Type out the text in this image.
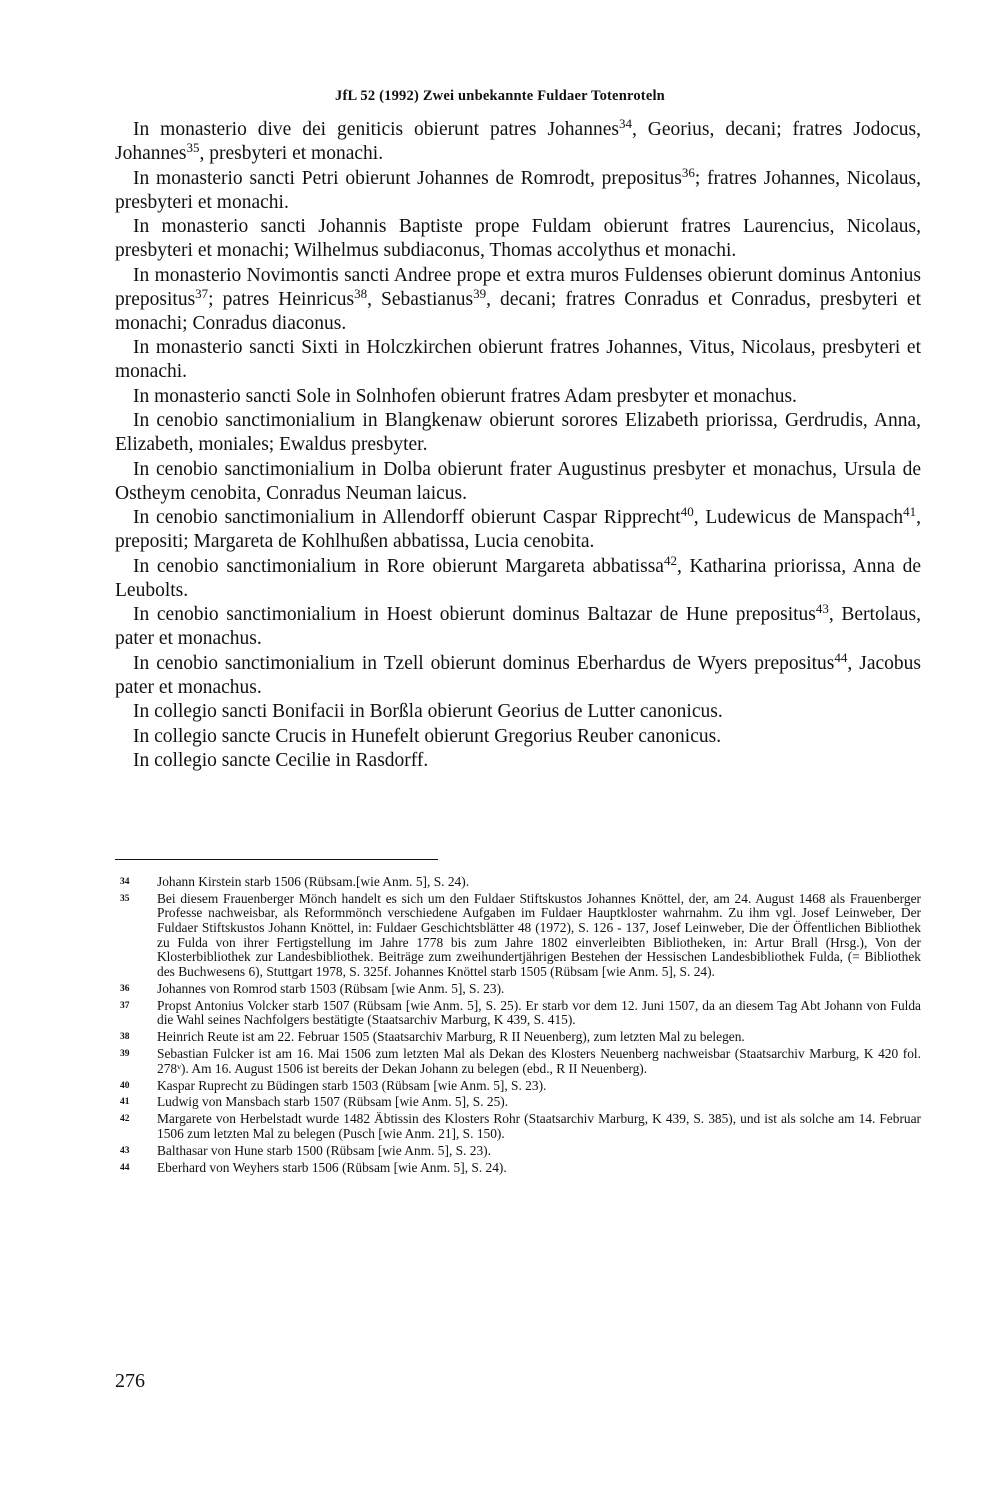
JfL 52 (1992) Zwei unbekannte Fuldaer Totenroteln

In monasterio dive dei geniticis obierunt patres Johannes$^{34}$, Georius, decani; fratres Jodocus, Johannes$^{35}$, presbyteri et monachi.

In monasterio sancti Petri obierunt Johannes de Romrodt, prepositus$^{36}$; fratres Johannes, Nicolaus, presbyteri et monachi.

In monasterio sancti Johannis Baptiste prope Fuldam obierunt fratres Laurencius, Nicolaus, presbyteri et monachi; Wilhelmus subdiaconus, Thomas accolythus et monachi.

In monasterio Novimontis sancti Andree prope et extra muros Fuldenses obierunt dominus Antonius prepositus$^{37}$; patres Heinricus$^{38}$, Sebastianus$^{39}$, decani; fratres Conradus et Conradus, presbyteri et monachi; Conradus diaconus.

In monasterio sancti Sixti in Holczkirchen obierunt fratres Johannes, Vitus, Nicolaus, presbyteri et monachi.

In monasterio sancti Sole in Solnhofen obierunt fratres Adam presbyter et monachus.

In cenobio sanctimonialium in Blangkenaw obierunt sorores Elizabeth priorissa, Gerdrudis, Anna, Elizabeth, moniales; Ewaldus presbyter.

In cenobio sanctimonialium in Dolba obierunt frater Augustinus presbyter et monachus, Ursula de Ostheym cenobita, Conradus Neuman laicus.

In cenobio sanctimonialium in Allendorff obierunt Caspar Ripprecht$^{40}$, Ludewicus de Manspach$^{41}$, prepositi; Margareta de Kohlhußen abbatissa, Lucia cenobita.

In cenobio sanctimonialium in Rore obierunt Margareta abbatissa$^{42}$, Katharina priorissa, Anna de Leubolts.

In cenobio sanctimonialium in Hoest obierunt dominus Baltazar de Hune prepositus$^{43}$, Bertolaus, pater et monachus.

In cenobio sanctimonialium in Tzell obierunt dominus Eberhardus de Wyers prepositus$^{44}$, Jacobus pater et monachus.

In collegio sancti Bonifacii in Borßla obierunt Georius de Lutter canonicus.

In collegio sancte Crucis in Hunefelt obierunt Gregorius Reuber canonicus.

In collegio sancte Cecilie in Rasdorff.

34	Johann Kirstein starb 1506 (Rübsam.[wie Anm. 5], S. 24).
35	Bei diesem Frauenberger Mönch handelt es sich um den Fuldaer Stiftskustos Johannes Knöttel, der, am 24. August 1468 als Frauenberger Professe nachweisbar, als Reformmönch verschiedene Aufgaben im Fuldaer Hauptkloster wahrnahm. Zu ihm vgl. Josef Leinweber, Der Fuldaer Stiftskustos Johann Knöttel, in: Fuldaer Geschichtsblätter 48 (1972), S. 126 - 137, Josef Leinweber, Die der Öffentlichen Bibliothek zu Fulda von ihrer Fertigstellung im Jahre 1778 bis zum Jahre 1802 einverleibten Bibliotheken, in: Artur Brall (Hrsg.), Von der Klosterbibliothek zur Landesbibliothek. Beiträge zum zweihundertjährigen Bestehen der Hessischen Landesbibliothek Fulda, (= Bibliothek des Buchwesens 6), Stuttgart 1978, S. 325f. Johannes Knöttel starb 1505 (Rübsam [wie Anm. 5], S. 24).
36	Johannes von Romrod starb 1503 (Rübsam [wie Anm. 5], S. 23).
37	Propst Antonius Volcker starb 1507 (Rübsam [wie Anm. 5], S. 25). Er starb vor dem 12. Juni 1507, da an diesem Tag Abt Johann von Fulda die Wahl seines Nachfolgers bestätigte (Staatsarchiv Marburg, K 439, S. 415).
38	Heinrich Reute ist am 22. Februar 1505 (Staatsarchiv Marburg, R II Neuenberg), zum letzten Mal zu belegen.
39	Sebastian Fulcker ist am 16. Mai 1506 zum letzten Mal als Dekan des Klosters Neuenberg nachweisbar (Staatsarchiv Marburg, K 420 fol. 278ᵛ). Am 16. August 1506 ist bereits der Dekan Johann zu belegen (ebd., R II Neuenberg).
40	Kaspar Ruprecht zu Büdingen starb 1503 (Rübsam [wie Anm. 5], S. 23).
41	Ludwig von Mansbach starb 1507 (Rübsam [wie Anm. 5], S. 25).
42	Margarete von Herbelstadt wurde 1482 Äbtissin des Klosters Rohr (Staatsarchiv Marburg, K 439, S. 385), und ist als solche am 14. Februar 1506 zum letzten Mal zu belegen (Pusch [wie Anm. 21], S. 150).
43	Balthasar von Hune starb 1500 (Rübsam [wie Anm. 5], S. 23).
44	Eberhard von Weyhers starb 1506 (Rübsam [wie Anm. 5], S. 24).
276
